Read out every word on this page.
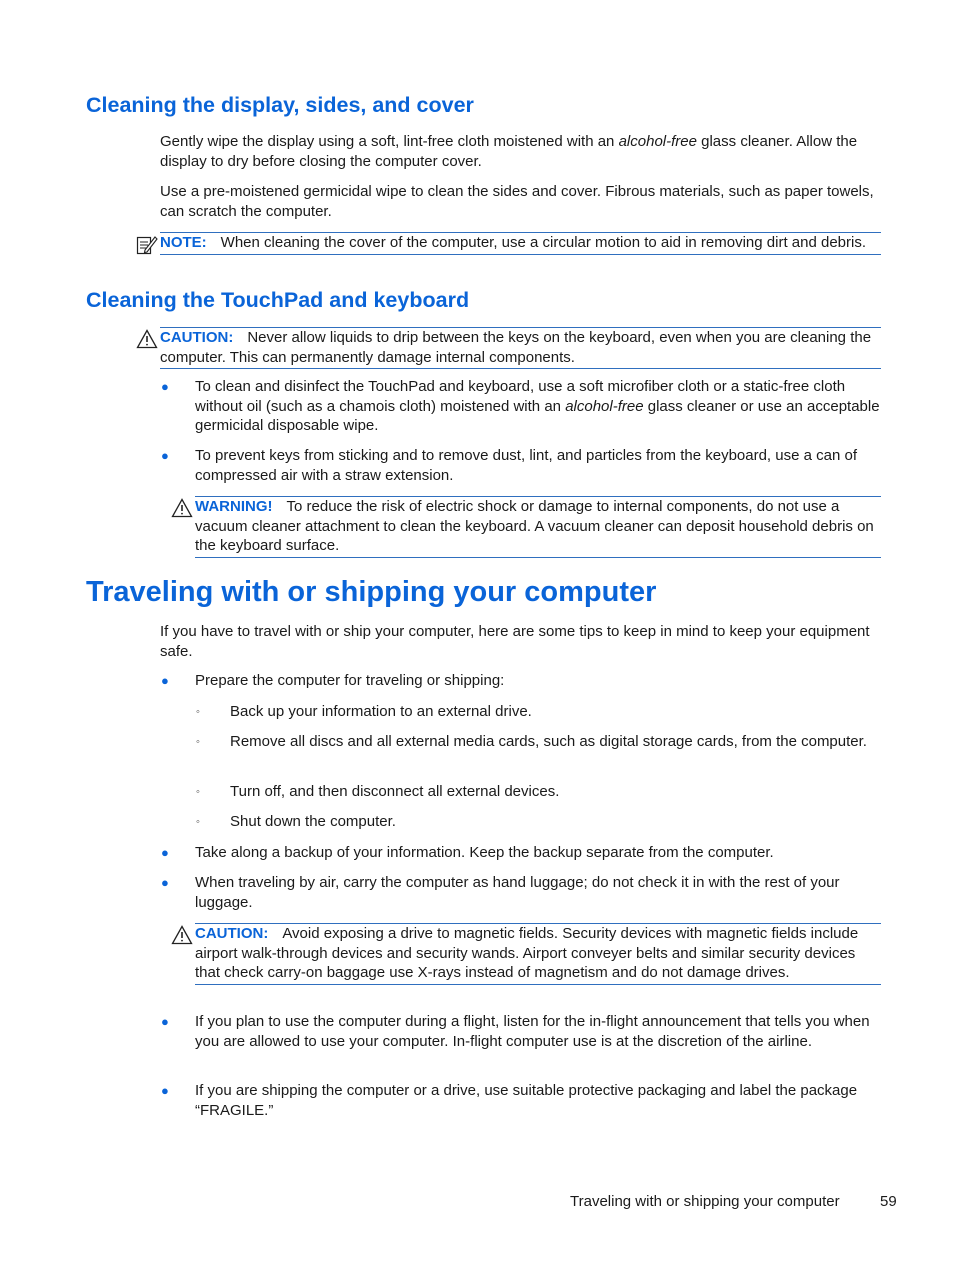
Cleaning the display, sides, and cover

Gently wipe the display using a soft, lint-free cloth moistened with an alcohol-free glass cleaner. Allow the display to dry before closing the computer cover.

Use a pre-moistened germicidal wipe to clean the sides and cover. Fibrous materials, such as paper towels, can scratch the computer.

NOTE: When cleaning the cover of the computer, use a circular motion to aid in removing dirt and debris.
Cleaning the TouchPad and keyboard
CAUTION: Never allow liquids to drip between the keys on the keyboard, even when you are cleaning the computer. This can permanently damage internal components.
● To clean and disinfect the TouchPad and keyboard, use a soft microfiber cloth or a static-free cloth without oil (such as a chamois cloth) moistened with an alcohol-free glass cleaner or use an acceptable germicidal disposable wipe.

● To prevent keys from sticking and to remove dust, lint, and particles from the keyboard, use a can of compressed air with a straw extension.

WARNING! To reduce the risk of electric shock or damage to internal components, do not use a vacuum cleaner attachment to clean the keyboard. A vacuum cleaner can deposit household debris on the keyboard surface.
Traveling with or shipping your computer

If you have to travel with or ship your computer, here are some tips to keep in mind to keep your equipment safe.

● Prepare the computer for traveling or shipping:

◦ Back up your information to an external drive.

◦ Remove all discs and all external media cards, such as digital storage cards, from the computer.

◦ Turn off, and then disconnect all external devices.

◦ Shut down the computer.

● Take along a backup of your information. Keep the backup separate from the computer.

● When traveling by air, carry the computer as hand luggage; do not check it in with the rest of your luggage.

CAUTION: Avoid exposing a drive to magnetic fields. Security devices with magnetic fields include airport walk-through devices and security wands. Airport conveyer belts and similar security devices that check carry-on baggage use X-rays instead of magnetism and do not damage drives.
● If you plan to use the computer during a flight, listen for the in-flight announcement that tells you when you are allowed to use your computer. In-flight computer use is at the discretion of the airline.

● If you are shipping the computer or a drive, use suitable protective packaging and label the package “FRAGILE.”

Traveling with or shipping your computer	59
